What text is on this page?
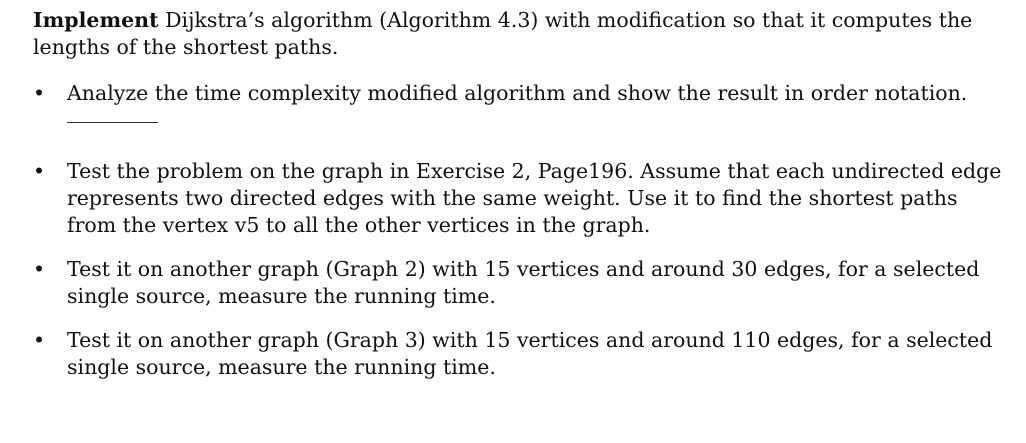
Implement Dijkstra’s algorithm (Algorithm 4.3) with modification so that it computes the lengths of the shortest paths.

• Analyze the time complexity modified algorithm and show the result in order notation.
• Test the problem on the graph in Exercise 2, Page196. Assume that each undirected edge represents two directed edges with the same weight. Use it to find the shortest paths from the vertex v5 to all the other vertices in the graph.
• Test it on another graph (Graph 2) with 15 vertices and around 30 edges, for a selected single source, measure the running time.
• Test it on another graph (Graph 3) with 15 vertices and around 110 edges, for a selected single source, measure the running time.
